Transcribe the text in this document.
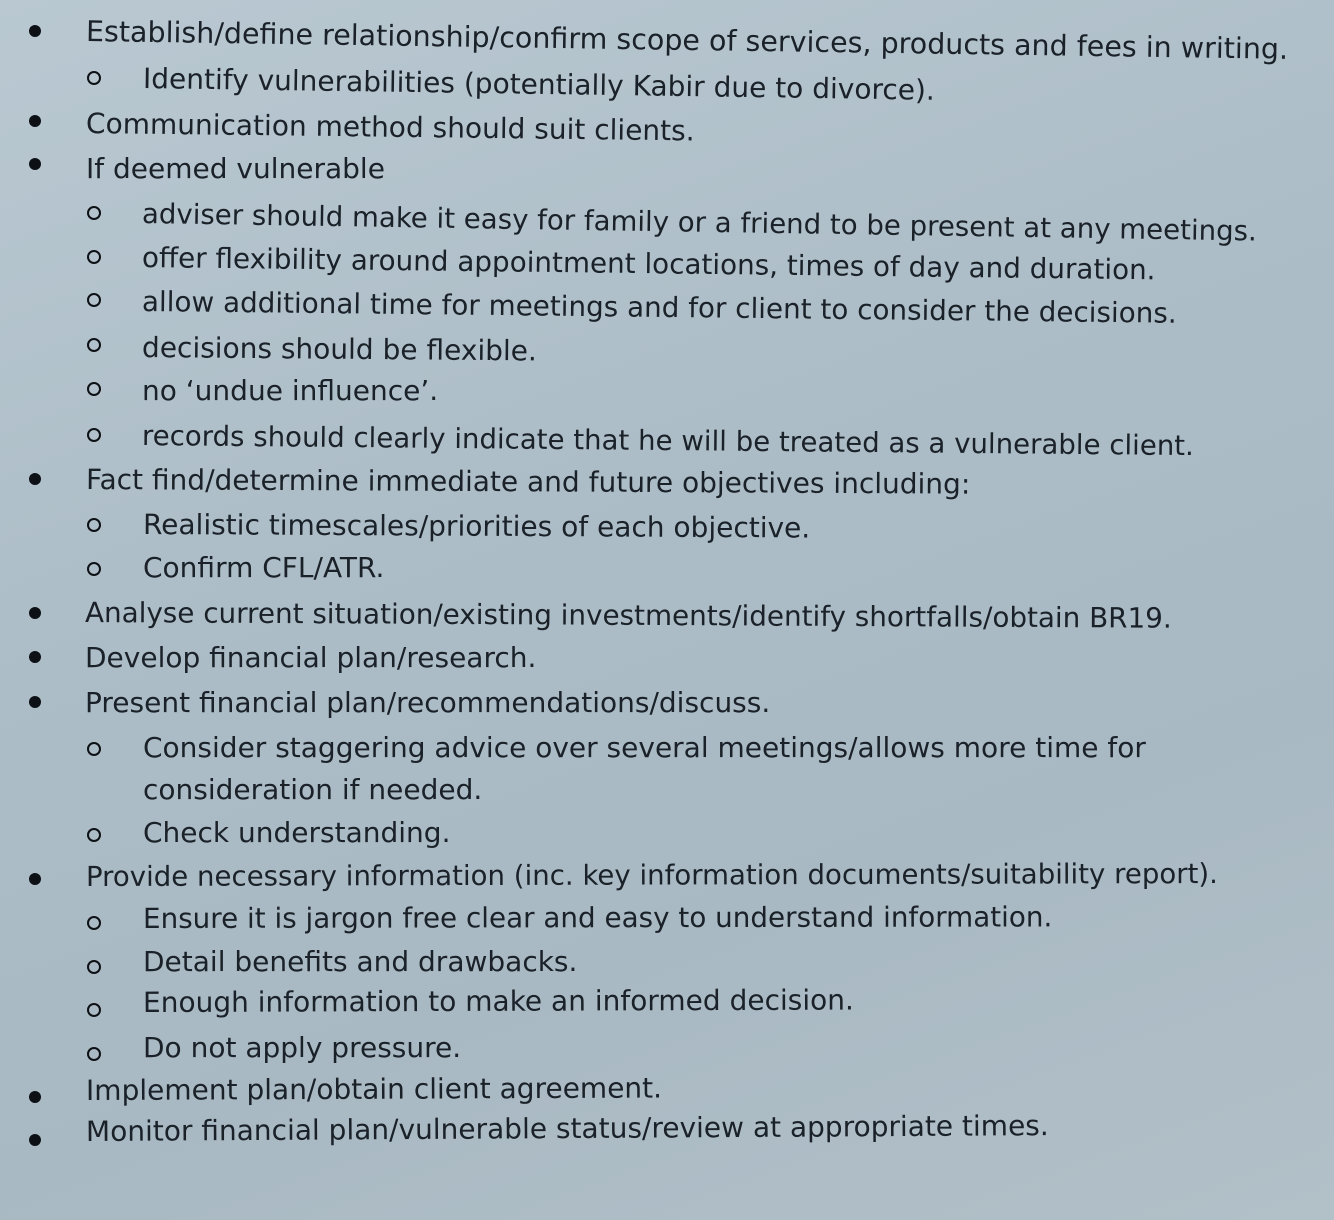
Establish/define relationship/confirm scope of services, products and fees in writing.
Identify vulnerabilities (potentially Kabir due to divorce).
Communication method should suit clients.
If deemed vulnerable
adviser should make it easy for family or a friend to be present at any meetings.
offer flexibility around appointment locations, times of day and duration.
allow additional time for meetings and for client to consider the decisions.
decisions should be flexible.
no ‘undue influence’.
records should clearly indicate that he will be treated as a vulnerable client.
Fact find/determine immediate and future objectives including:
Realistic timescales/priorities of each objective.
Confirm CFL/ATR.
Analyse current situation/existing investments/identify shortfalls/obtain BR19.
Develop financial plan/research.
Present financial plan/recommendations/discuss.
Consider staggering advice over several meetings/allows more time for
consideration if needed.
Check understanding.
Provide necessary information (inc. key information documents/suitability report).
Ensure it is jargon free clear and easy to understand information.
Detail benefits and drawbacks.
Enough information to make an informed decision.
Do not apply pressure.
Implement plan/obtain client agreement.
Monitor financial plan/vulnerable status/review at appropriate times.
